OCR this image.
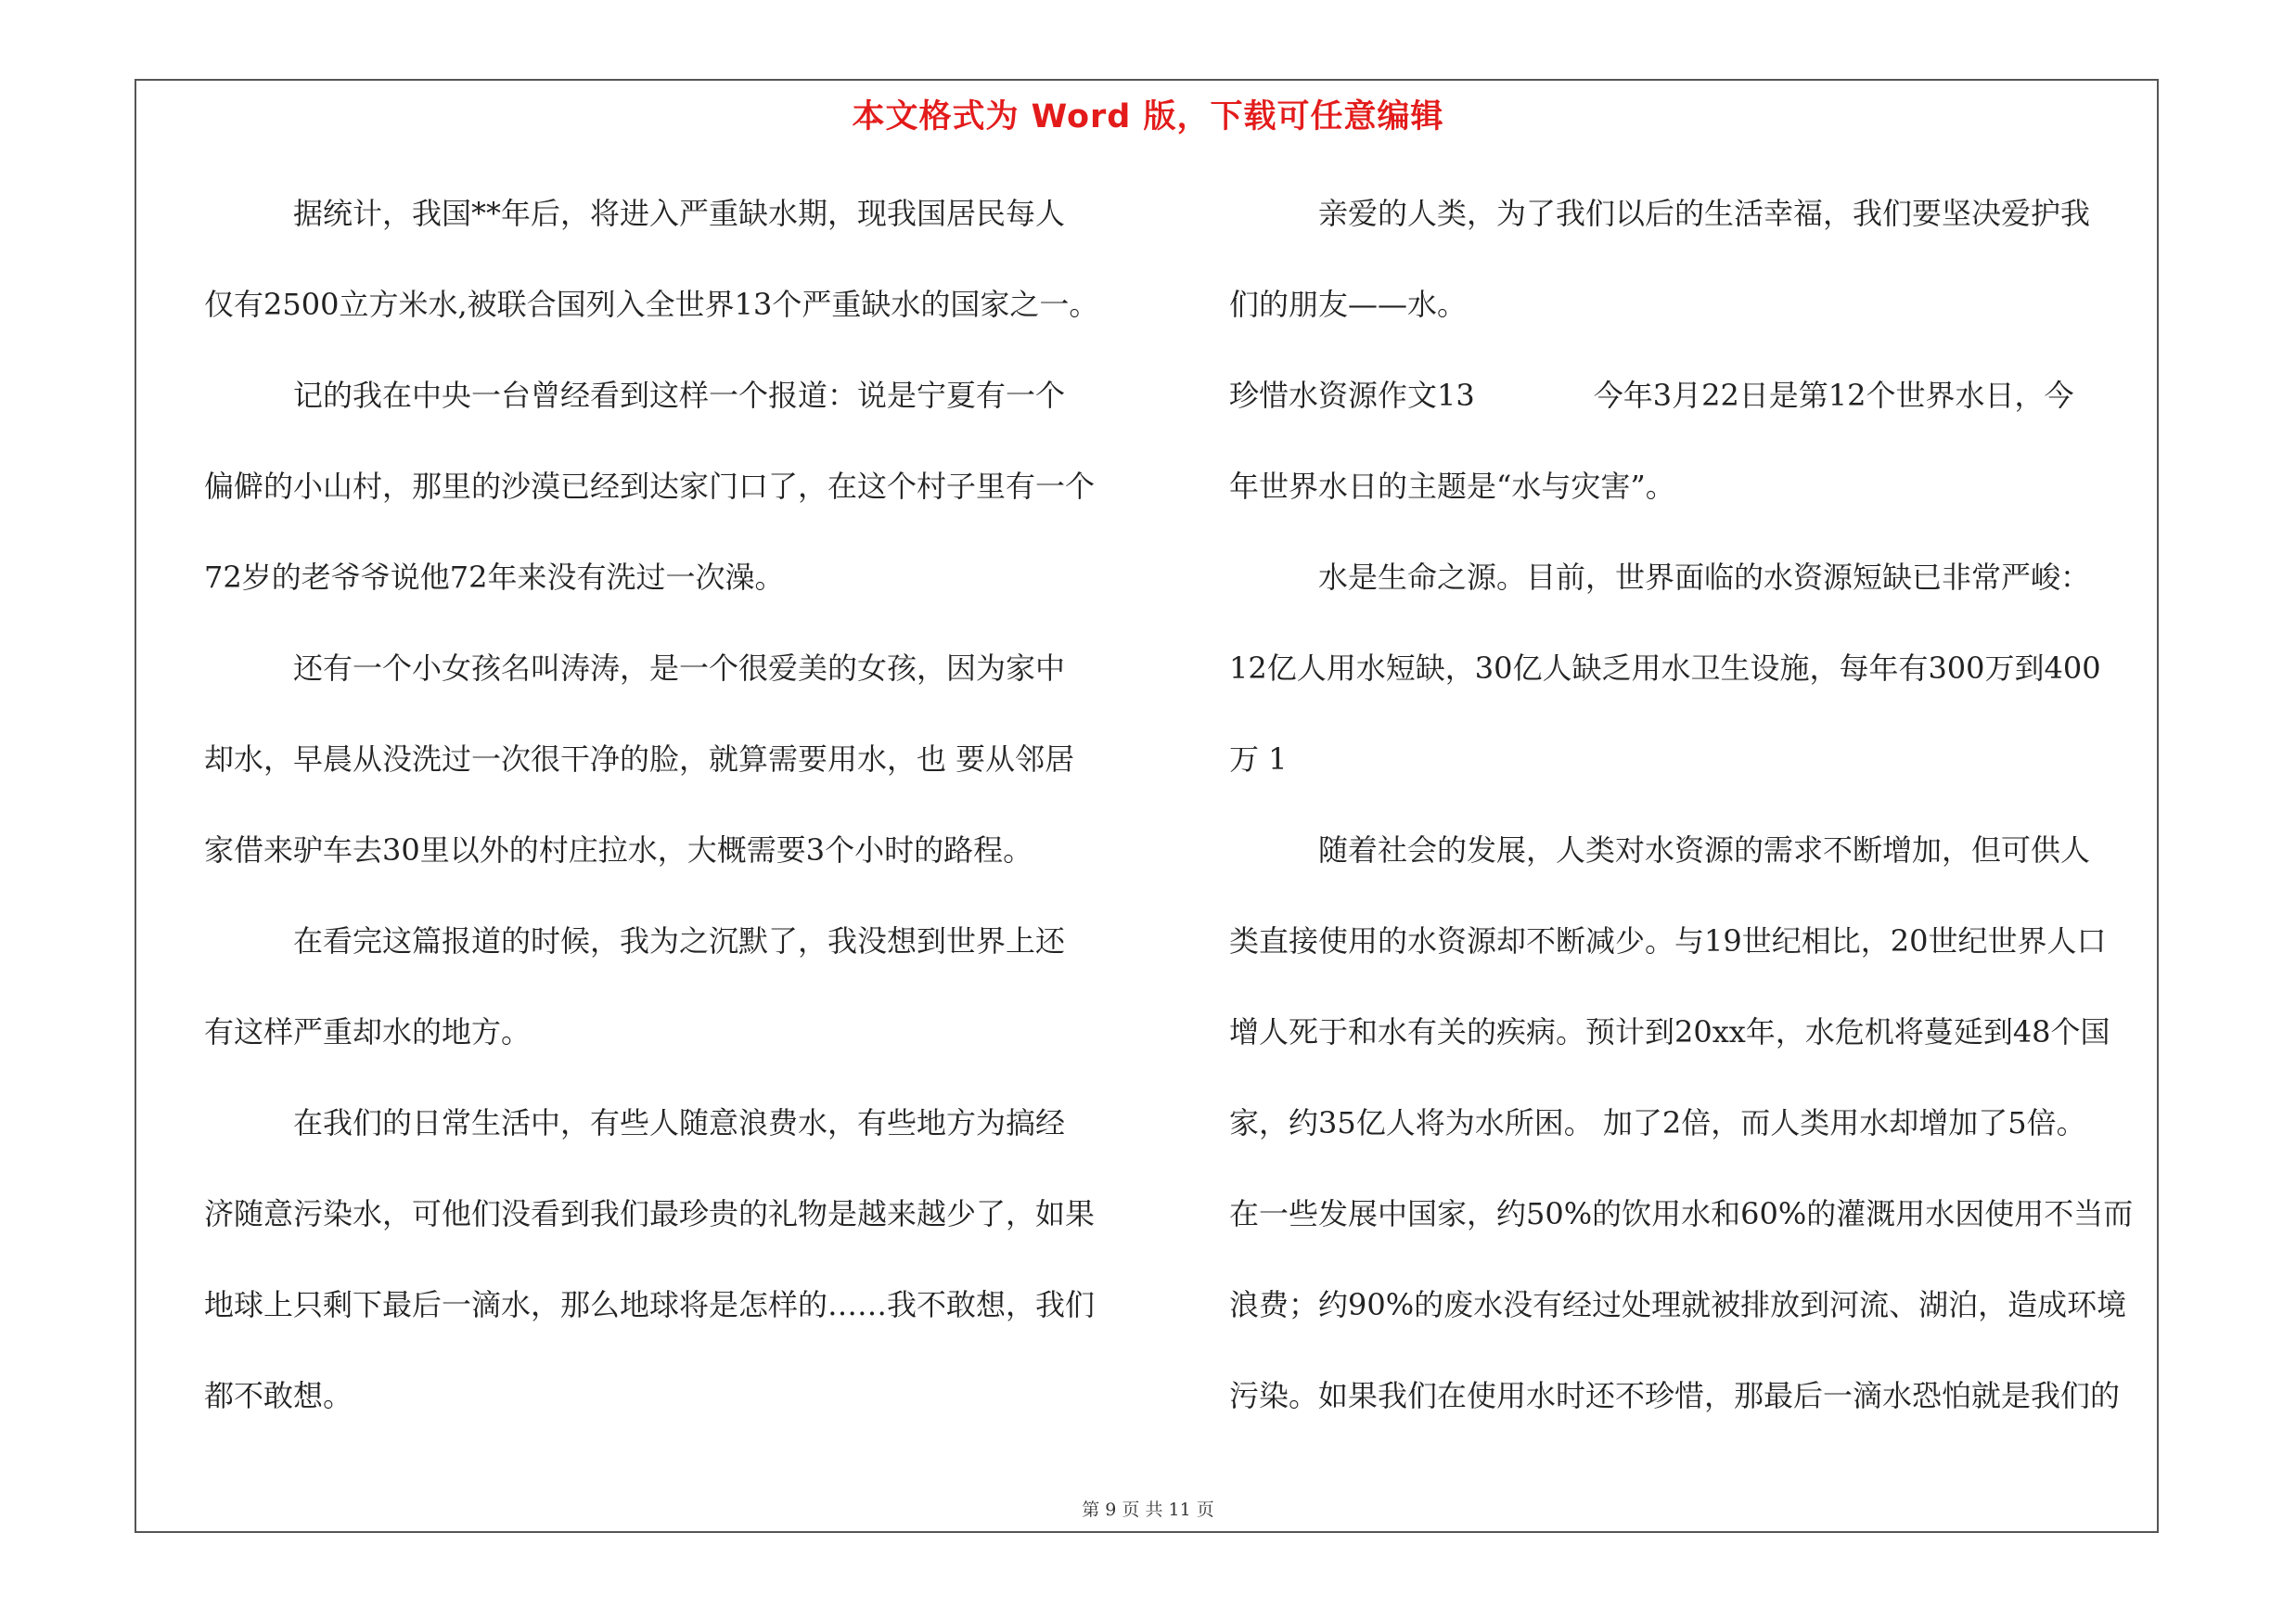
本文格式为 Word 版，下载可任意编辑
　　　据统计，我国**年后，将进入严重缺水期，现我国居民每人
仅有2500立方米水,被联合国列入全世界13个严重缺水的国家之一。
　　　记的我在中央一台曾经看到这样一个报道：说是宁夏有一个
偏僻的小山村，那里的沙漠已经到达家门口了，在这个村子里有一个
72岁的老爷爷说他72年来没有洗过一次澡。
　　　还有一个小女孩名叫涛涛，是一个很爱美的女孩，因为家中
却水，早晨从没洗过一次很干净的脸，就算需要用水，也 要从邻居
家借来驴车去30里以外的村庄拉水，大概需要3个小时的路程。
　　　在看完这篇报道的时候，我为之沉默了，我没想到世界上还
有这样严重却水的地方。
　　　在我们的日常生活中，有些人随意浪费水，有些地方为搞经
济随意污染水，可他们没看到我们最珍贵的礼物是越来越少了，如果
地球上只剩下最后一滴水，那么地球将是怎样的……我不敢想，我们
都不敢想。
　　　亲爱的人类，为了我们以后的生活幸福，我们要坚决爱护我
们的朋友——水。
珍惜水资源作文13　　　　今年3月22日是第12个世界水日，今
年世界水日的主题是“水与灾害”。
　　　水是生命之源。目前，世界面临的水资源短缺已非常严峻：
12亿人用水短缺，30亿人缺乏用水卫生设施，每年有300万到400
万 1
　　　随着社会的发展，人类对水资源的需求不断增加，但可供人
类直接使用的水资源却不断减少。与19世纪相比，20世纪世界人口
增人死于和水有关的疾病。预计到20xx年，水危机将蔓延到48个国
家，约35亿人将为水所困。 加了2倍，而人类用水却增加了5倍。
在一些发展中国家，约50%的饮用水和60%的灌溉用水因使用不当而
浪费；约90%的废水没有经过处理就被排放到河流、湖泊，造成环境
污染。如果我们在使用水时还不珍惜，那最后一滴水恐怕就是我们的
第 9 页 共 11 页
